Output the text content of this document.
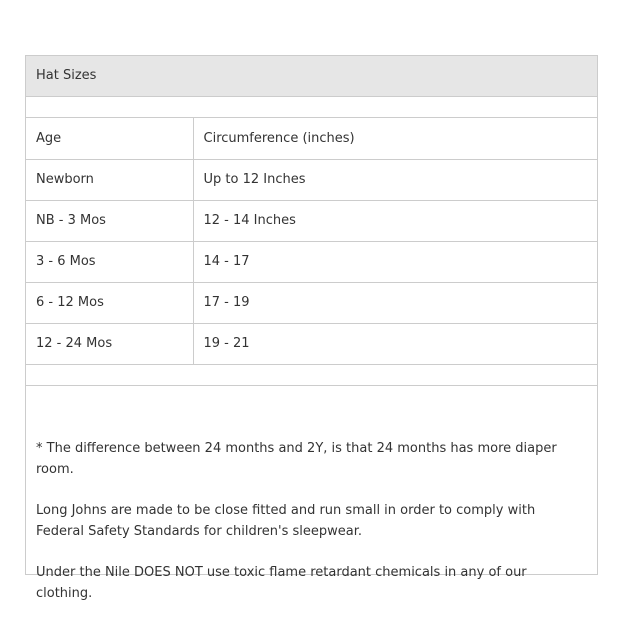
Hat Sizes
Age	Circumference (inches)
Newborn	Up to 12 Inches
NB - 3 Mos	12 - 14 Inches
3 - 6 Mos	14 - 17
6 - 12 Mos	17 - 19
12 - 24 Mos	19 - 21

* The difference between 24 months and 2Y, is that 24 months has more diaper room.

Long Johns are made to be close fitted and run small in order to comply with Federal Safety Standards for children's sleepwear.

Under the Nile DOES NOT use toxic flame retardant chemicals in any of our clothing.
